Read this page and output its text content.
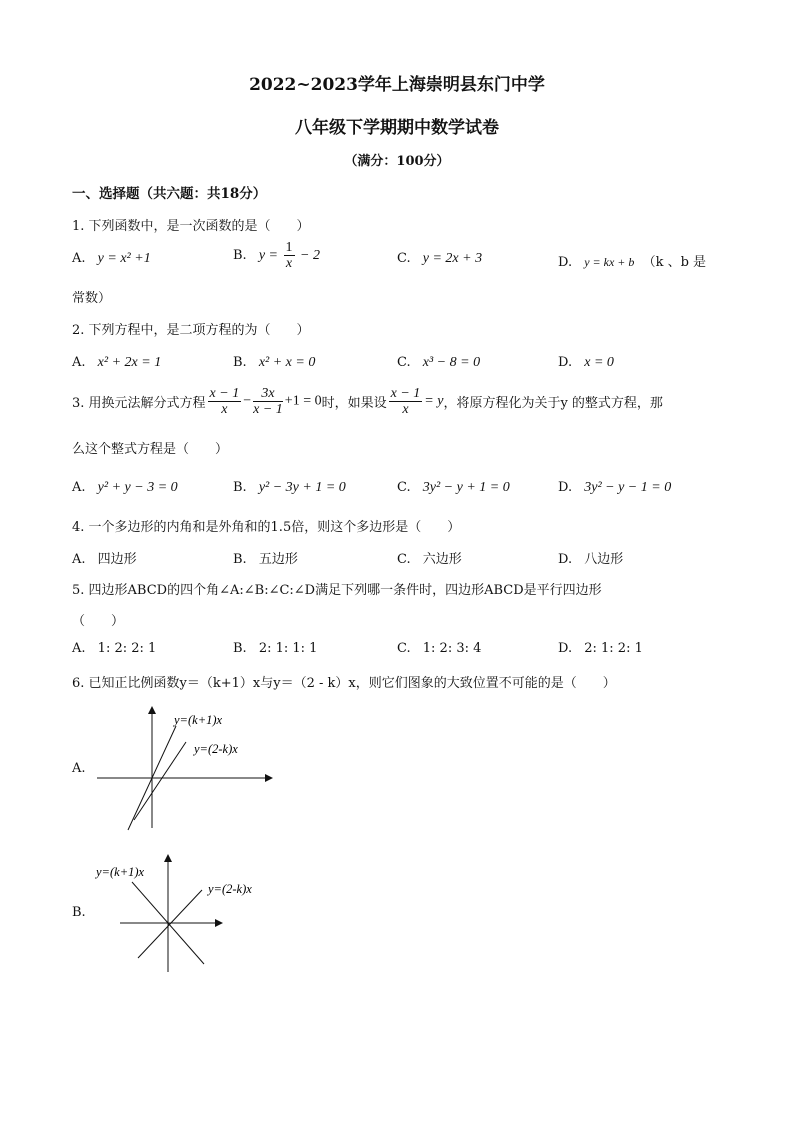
2022~2023学年上海崇明县东门中学
八年级下学期期中数学试卷
（满分：100分）
一、选择题（共六题：共18分）
1. 下列函数中，是一次函数的是（　　）
A. y = x² +1	B. $y = \frac{1}{x} - 2$	C. y = 2x + 3	D. y = kx + b （k 、b 是
常数）
2. 下列方程中，是二项方程的为（　　）
A. x² + 2x = 1	B. x² + x = 0	C. x³ − 8 = 0	D. x = 0
3. 用换元法解分式方程 $\frac{x - 1}{x} - \frac{3x}{x - 1} +1 = 0$时，如果设 $\frac{x - 1}{x} = y$，将原方程化为关于y 的整式方程，那
么这个整式方程是（　　）
A. y² + y − 3 = 0	B. y² − 3y + 1 = 0	C. 3y² − y + 1 = 0	D. 3y² − y − 1 = 0
4. 一个多边形的内角和是外角和的1.5倍，则这个多边形是（　　）
A. 四边形	B. 五边形	C. 六边形	D. 八边形
5. 四边形ABCD的四个角∠A:∠B:∠C:∠D满足下列哪一条件时，四边形ABCD是平行四边形
（　　）
A. 1: 2: 2: 1	B. 2: 1: 1: 1	C. 1: 2: 3: 4	D. 2: 1: 2: 1
6. 已知正比例函数y＝（k+1）x与y＝（2 - k）x，则它们图象的大致位置不可能的是（　　）
A.
y=(k+1)x
y=(2-k)x
B.
y=(k+1)x
y=(2-k)x
